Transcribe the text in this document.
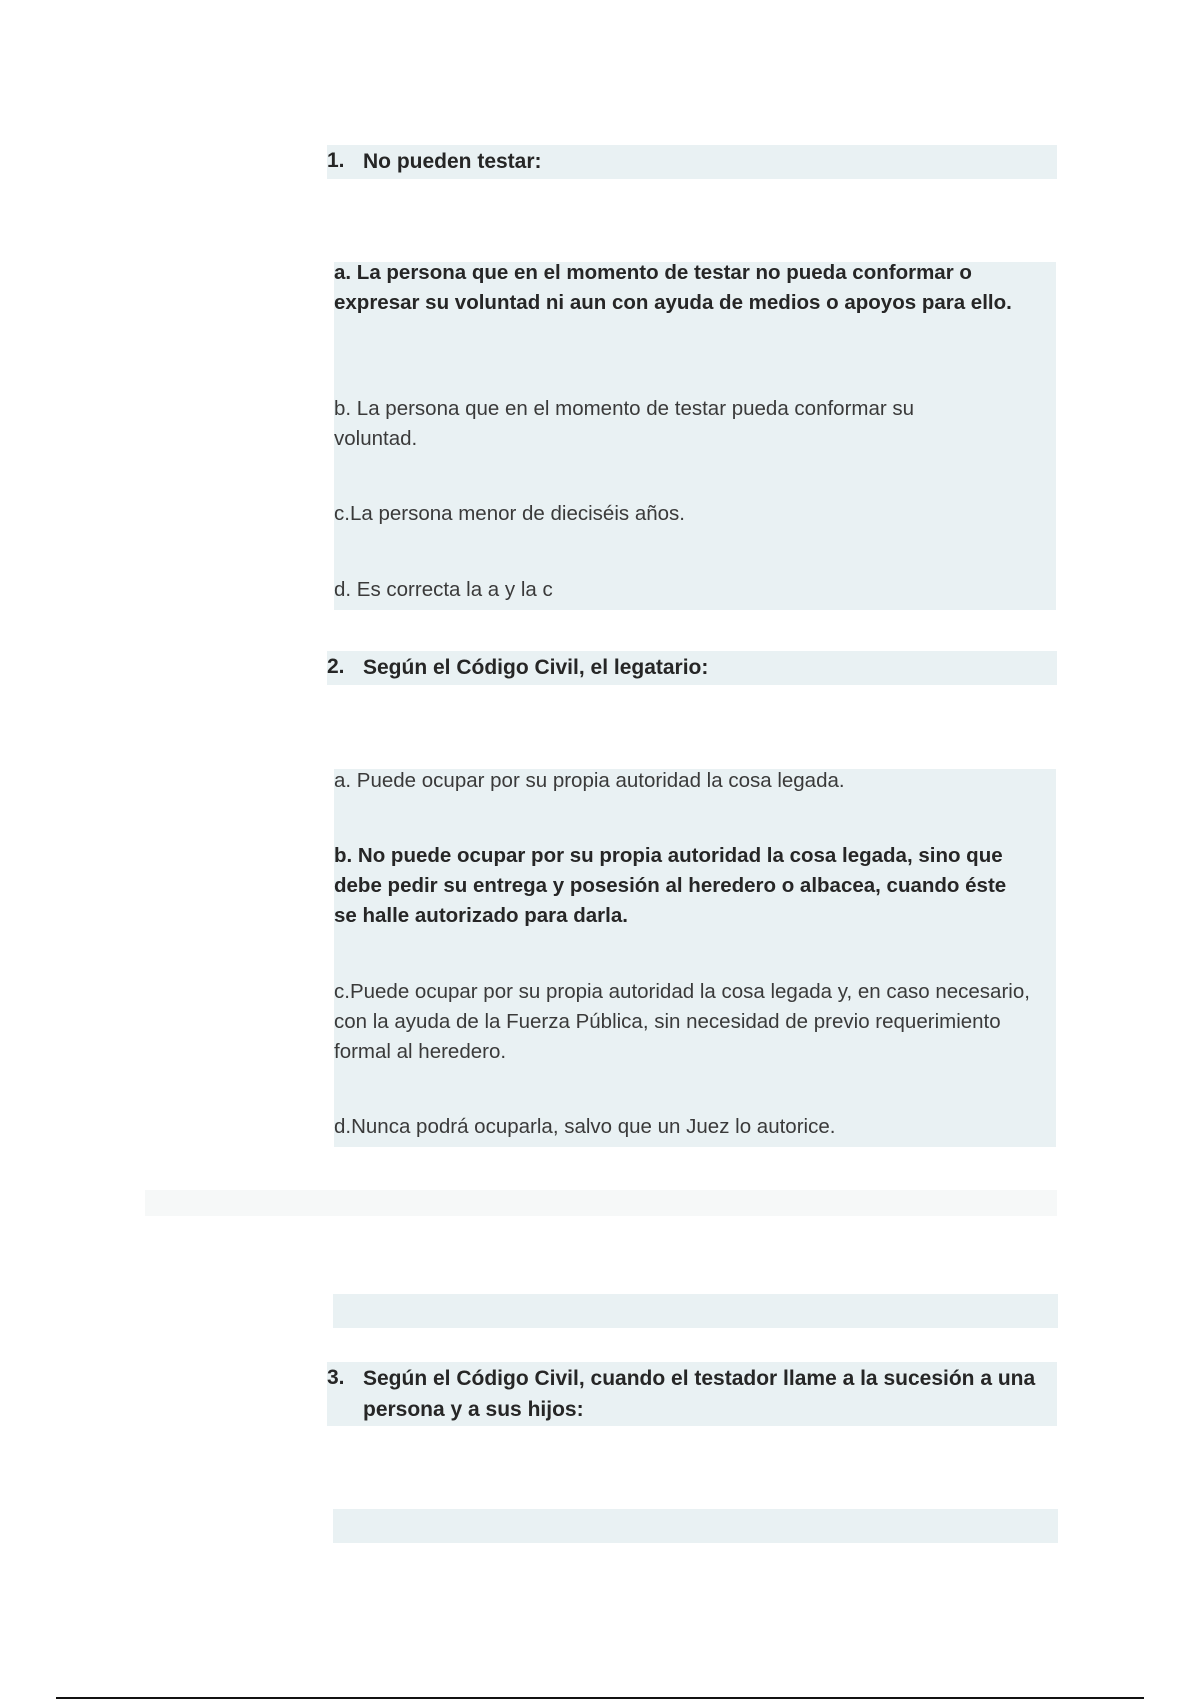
1. No pueden testar:
a. La persona que en el momento de testar no pueda conformar o expresar su voluntad ni aun con ayuda de medios o apoyos para ello.
b. La persona que en el momento de testar pueda conformar su voluntad.
c.La persona menor de dieciséis años.
d. Es correcta la a y la c
2. Según el Código Civil, el legatario:
a. Puede ocupar por su propia autoridad la cosa legada.
b. No puede ocupar por su propia autoridad la cosa legada, sino que debe pedir su entrega y posesión al heredero o albacea, cuando éste se halle autorizado para darla.
c.Puede ocupar por su propia autoridad la cosa legada y, en caso necesario, con la ayuda de la Fuerza Pública, sin necesidad de previo requerimiento formal al heredero.
d.Nunca podrá ocuparla, salvo que un Juez lo autorice.
3. Según el Código Civil, cuando el testador llame a la sucesión a una persona y a sus hijos:
